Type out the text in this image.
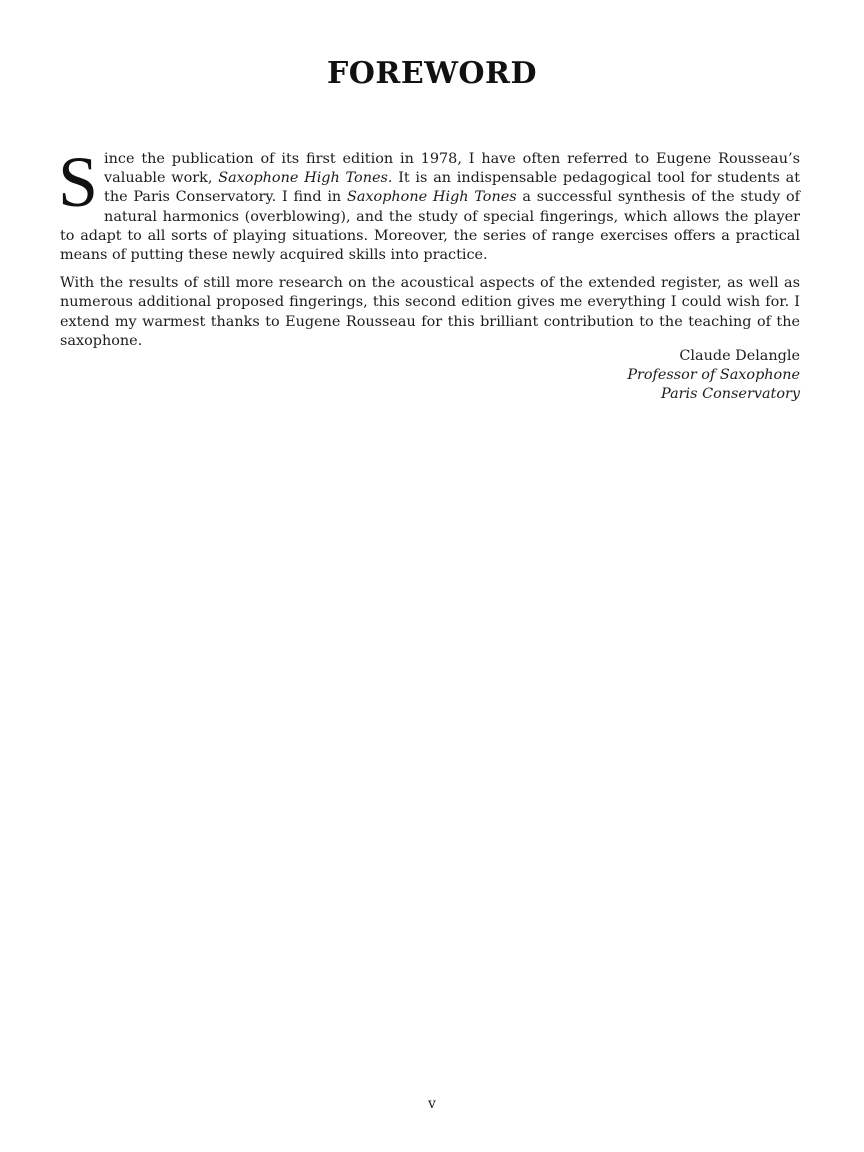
FOREWORD

Since the publication of its first edition in 1978, I have often referred to Eugene Rousseau’s valuable work, Saxophone High Tones. It is an indispensable pedagogical tool for students at the Paris Conservatory. I find in Saxophone High Tones a successful synthesis of the study of natural harmonics (overblowing), and the study of special fingerings, which allows the player to adapt to all sorts of playing situations. Moreover, the series of range exercises offers a practical means of putting these newly acquired skills into practice.

With the results of still more research on the acoustical aspects of the extended register, as well as numerous additional proposed fingerings, this second edition gives me everything I could wish for. I extend my warmest thanks to Eugene Rousseau for this brilliant contribution to the teaching of the saxophone.

Claude Delangle
Professor of Saxophone
Paris Conservatory
v
